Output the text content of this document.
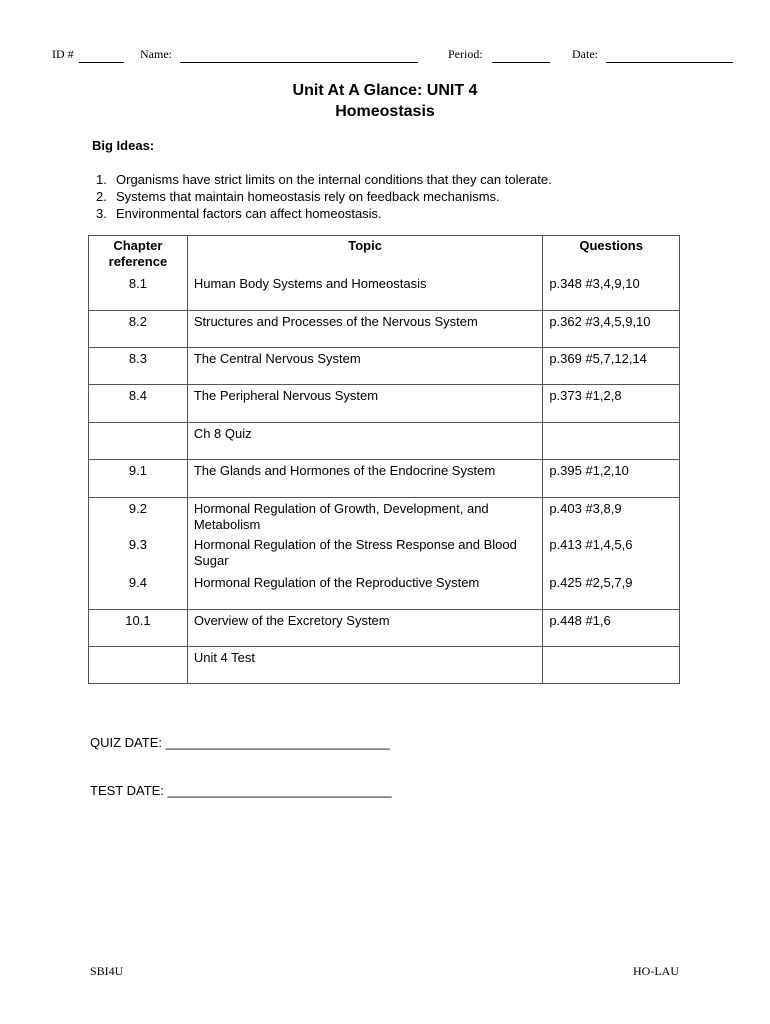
ID #	Name:	Period:	Date:
Unit At A Glance: UNIT 4
Homeostasis
Big Ideas:
1. Organisms have strict limits on the internal conditions that they can tolerate.
2. Systems that maintain homeostasis rely on feedback mechanisms.
3. Environmental factors can affect homeostasis.
Chapter reference	Topic	Questions
8.1	Human Body Systems and Homeostasis	p.348 #3,4,9,10
8.2	Structures and Processes of the Nervous System	p.362 #3,4,5,9,10
8.3	The Central Nervous System	p.369 #5,7,12,14
8.4	The Peripheral Nervous System	p.373 #1,2,8
	Ch 8 Quiz	
9.1	The Glands and Hormones of the Endocrine System	p.395 #1,2,10
9.2	Hormonal Regulation of Growth, Development, and Metabolism	p.403 #3,8,9
9.3	Hormonal Regulation of the Stress Response and Blood Sugar	p.413 #1,4,5,6
9.4	Hormonal Regulation of the Reproductive System	p.425 #2,5,7,9
10.1	Overview of the Excretory System	p.448 #1,6
	Unit 4 Test	
QUIZ DATE: _______________________________
TEST DATE: _______________________________
SBI4U	HO-LAU
